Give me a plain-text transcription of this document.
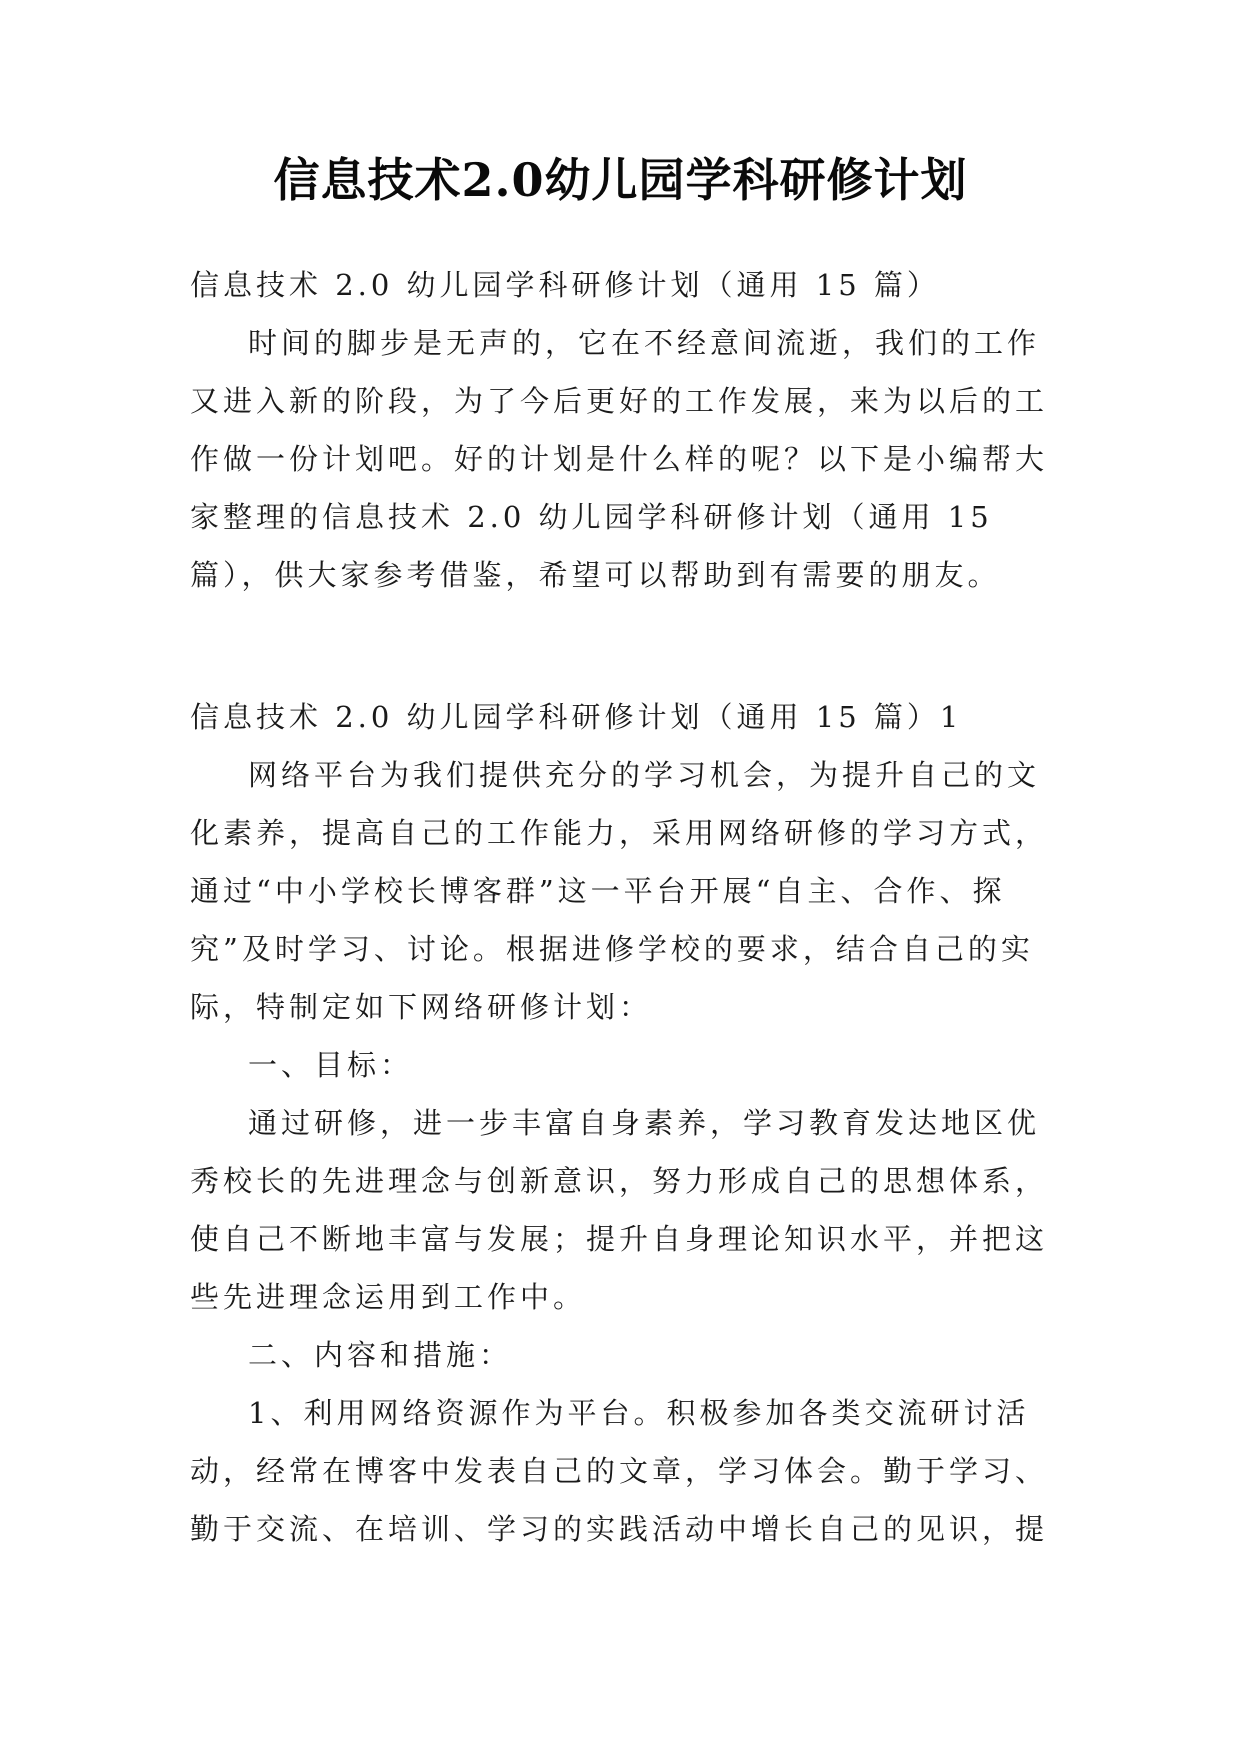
信息技术2.0幼儿园学科研修计划

信息技术 2.0 幼儿园学科研修计划（通用 15 篇）

时间的脚步是无声的，它在不经意间流逝，我们的工作又进入新的阶段，为了今后更好的工作发展，来为以后的工作做一份计划吧。好的计划是什么样的呢？以下是小编帮大家整理的信息技术 2.0 幼儿园学科研修计划（通用 15 篇），供大家参考借鉴，希望可以帮助到有需要的朋友。

信息技术 2.0 幼儿园学科研修计划（通用 15 篇）1

网络平台为我们提供充分的学习机会，为提升自己的文化素养，提高自己的工作能力，采用网络研修的学习方式，通过“中小学校长博客群”这一平台开展“自主、合作、探究”及时学习、讨论。根据进修学校的要求，结合自己的实际，特制定如下网络研修计划：

一、目标：

通过研修，进一步丰富自身素养，学习教育发达地区优秀校长的先进理念与创新意识，努力形成自己的思想体系，使自己不断地丰富与发展；提升自身理论知识水平，并把这些先进理念运用到工作中。

二、内容和措施：

1、利用网络资源作为平台。积极参加各类交流研讨活动，经常在博客中发表自己的文章，学习体会。勤于学习、勤于交流、在培训、学习的实践活动中增长自己的见识，提
